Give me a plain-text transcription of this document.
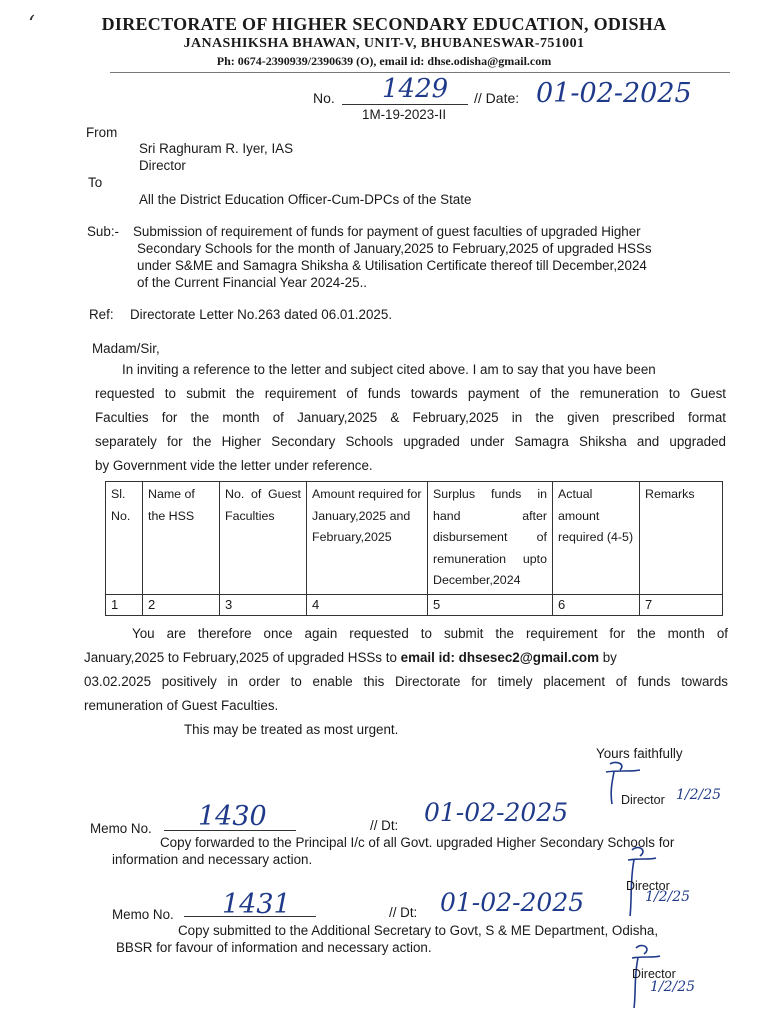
‘	DIRECTORATE OF HIGHER SECONDARY EDUCATION, ODISHA
JANASHIKSHA BHAWAN, UNIT-V, BHUBANESWAR-751001
Ph: 0674-2390939/2390639 (O), email id: dhse.odisha@gmail.com
No. 1429 // Date: 01-02-2025
1M-19-2023-II
From
Sri Raghuram R. Iyer, IAS
Director
To
All the District Education Officer-Cum-DPCs of the State
Sub:- Submission of requirement of funds for payment of guest faculties of upgraded Higher
Secondary Schools for the month of January,2025 to February,2025 of upgraded HSSs
under S&ME and Samagra Shiksha & Utilisation Certificate thereof till December,2024
of the Current Financial Year 2024-25..
Ref: Directorate Letter No.263 dated 06.01.2025.
Madam/Sir,
In inviting a reference to the letter and subject cited above. I am to say that you have been
requested to submit the requirement of funds towards payment of the remuneration to Guest
Faculties for the month of January,2025 & February,2025 in the given prescribed format
separately for the Higher Secondary Schools upgraded under Samagra Shiksha and upgraded
by Government vide the letter under reference.
Sl. No.	Name of the HSS	No. of Guest Faculties	Amount required for January,2025 and February,2025	Surplus funds in hand after disbursement of remuneration upto December,2024	Actual amount required (4-5)	Remarks
1	2	3	4	5	6	7
You are therefore once again requested to submit the requirement for the month of
January,2025 to February,2025 of upgraded HSSs to email id: dhsesec2@gmail.com by
03.02.2025 positively in order to enable this Directorate for timely placement of funds towards
remuneration of Guest Faculties.
This may be treated as most urgent.
Yours faithfully
Director 1/2/25
Memo No. 1430	// Dt: 01-02-2025
Copy forwarded to the Principal I/c of all Govt. upgraded Higher Secondary Schools for
information and necessary action.
Director
1/2/25
Memo No. 1431	// Dt: 01-02-2025
Copy submitted to the Additional Secretary to Govt, S & ME Department, Odisha,
BBSR for favour of information and necessary action.
Director
1/2/25
